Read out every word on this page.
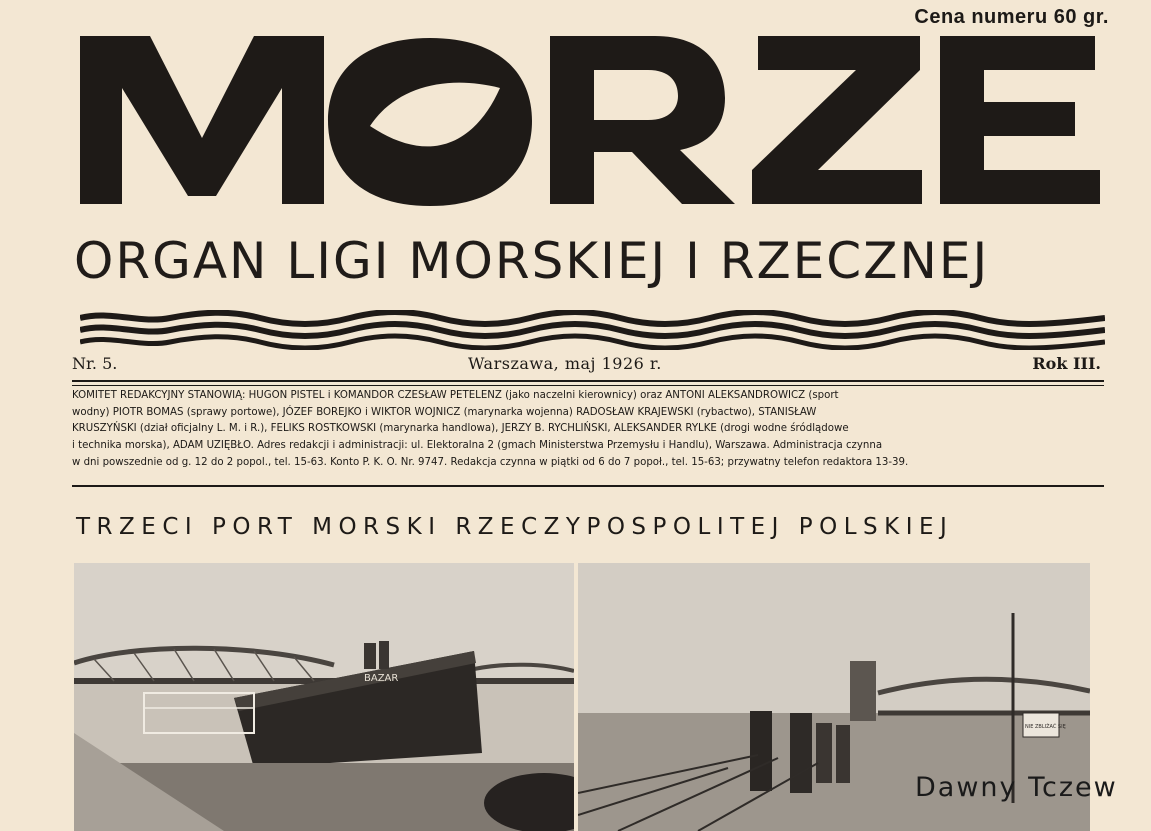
Cena numeru 60 gr.
ORGAN LIGI MORSKIEJ I RZECZNEJ
Nr. 5.	Warszawa, maj 1926 r.	Rok III.
KOMITET REDAKCYJNY STANOWIĄ: HUGON PISTEL i KOMANDOR CZESŁAW PETELENZ (jako naczelni kierownicy) oraz ANTONI ALEKSANDROWICZ (sport
wodny) PIOTR BOMAS (sprawy portowe), JÓZEF BOREJKO i WIKTOR WOJNICZ (marynarka wojenna) RADOSŁAW KRAJEWSKI (rybactwo), STANISŁAW
KRUSZYŃSKI (dział oficjalny L. M. i R.), FELIKS ROSTKOWSKI (marynarka handlowa), JERZY B. RYCHLIŃSKI, ALEKSANDER RYLKE (drogi wodne śródlądowe
i technika morska), ADAM UZIĘBŁO. Adres redakcji i administracji: ul. Elektoralna 2 (gmach Ministerstwa Przemysłu i Handlu), Warszawa. Administracja czynna
w dni powszednie od g. 12 do 2 popol., tel. 15-63. Konto P. K. O. Nr. 9747. Redakcja czynna w piątki od 6 do 7 popoł., tel. 15-63; przywatny telefon redaktora 13-39.
TRZECI PORT MORSKI RZECZYPOSPOLITEJ POLSKIEJ
BAZAR
NIE ZBLIŻAĆ SIĘ
Dawny Tczew
